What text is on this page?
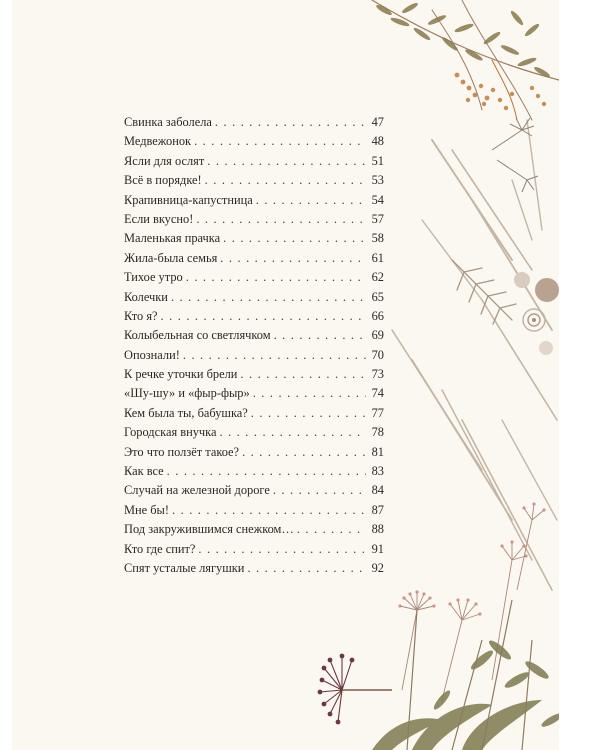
Свинка заболела . . .	47
Медвежонок . . .	48
Ясли для ослят . . .	51
Всё в порядке! . . .	53
Крапивница-капустница . . .	54
Если вкусно! . . .	57
Маленькая прачка . . .	58
Жила-была семья . . .	61
Тихое утро . . .	62
Колечки . . .	65
Кто я? . . .	66
Колыбельная со светлячком . . .	69
Опознали! . . .	70
К речке уточки брели . . .	73
«Шу-шу» и «фыр-фыр» . . .	74
Кем была ты, бабушка? . . .	77
Городская внучка . . .	78
Это что ползёт такое? . . .	81
Как все . . .	83
Случай на железной дороге . . .	84
Мне бы! . . .	87
Под закружившимся снежком… . . .	88
Кто где спит? . . .	91
Спят усталые лягушки . . .	92
